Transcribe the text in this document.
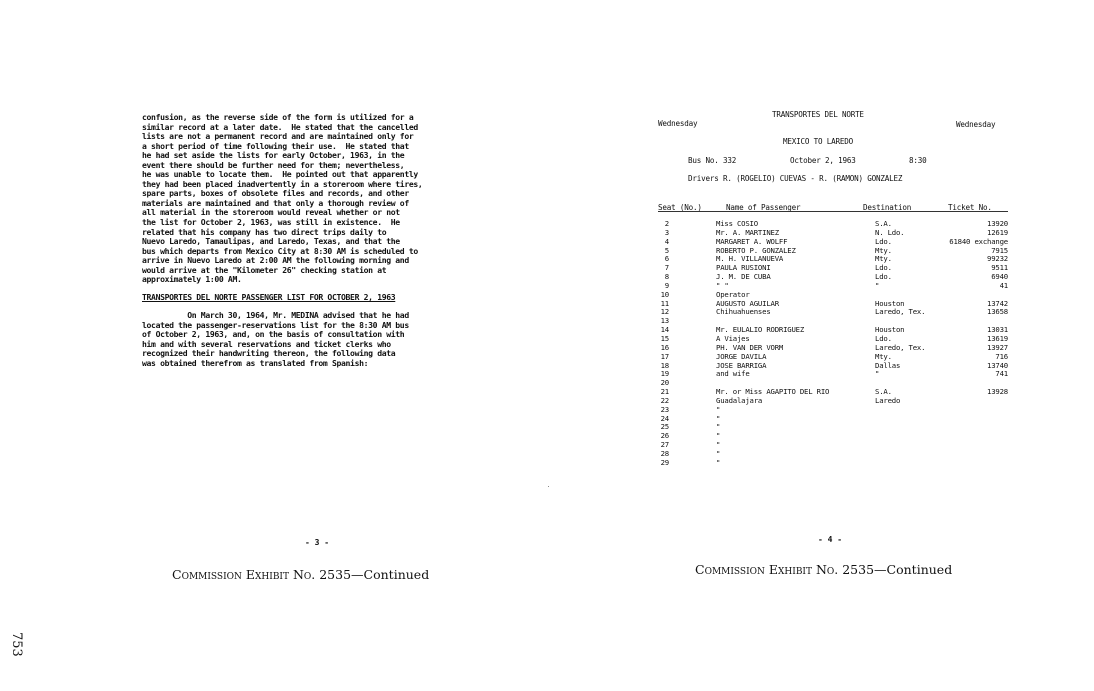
confusion, as the reverse side of the form is utilized for a
similar record at a later date.  He stated that the cancelled
lists are not a permanent record and are maintained only for
a short period of time following their use.  He stated that
he had set aside the lists for early October, 1963, in the
event there should be further need for them; nevertheless,
he was unable to locate them.  He pointed out that apparently
they had been placed inadvertently in a storeroom where tires,
spare parts, boxes of obsolete files and records, and other
materials are maintained and that only a thorough review of
all material in the storeroom would reveal whether or not
the list for October 2, 1963, was still in existence.  He
related that his company has two direct trips daily to
Nuevo Laredo, Tamaulipas, and Laredo, Texas, and that the
bus which departs from Mexico City at 8:30 AM is scheduled to
arrive in Nuevo Laredo at 2:00 AM the following morning and
would arrive at the "Kilometer 26" checking station at
approximately 1:00 AM.
TRANSPORTES DEL NORTE PASSENGER LIST FOR OCTOBER 2, 1963
On March 30, 1964, Mr. MEDINA advised that he had
located the passenger-reservations list for the 8:30 AM bus
of October 2, 1963, and, on the basis of consultation with
him and with several reservations and ticket clerks who
recognized their handwriting thereon, the following data
was obtained therefrom as translated from Spanish:
- 3 -
Commission Exhibit No. 2535—Continued
753
TRANSPORTES DEL NORTE
Wednesday	Wednesday
MEXICO TO LAREDO
Bus No. 332	October 2, 1963	8:30
Drivers R. (ROGELIO) CUEVAS - R. (RAMON) GONZALEZ
Seat (No.)	Name of Passenger	Destination	Ticket No.
2	Miss COSIO	S.A.	13920
3	Mr. A. MARTINEZ	N. Ldo.	12619
4	MARGARET A. WOLFF	Ldo.	61840 exchange
5	ROBERTO P. GONZALEZ	Mty.	7915
6	M. H. VILLANUEVA	Mty.	99232
7	PAULA RUSIONI	Ldo.	9511
8	J. M. DE CUBA	Ldo.	6940
9	" "	"	41
10	Operator
11	AUGUSTO AGUILAR	Houston	13742
12	Chihuahuenses	Laredo, Tex.	13658
13
14	Mr. EULALIO RODRIGUEZ	Houston	13031
15	A Viajes	Ldo.	13619
16	PH. VAN DER VORM	Laredo, Tex.	13927
17	JORGE DAVILA	Mty.	716
18	JOSE BARRIGA	Dallas	13740
19	and wife	"	741
20
21	Mr. or Miss AGAPITO DEL RIO	S.A.	13928
22	Guadalajara	Laredo
23	"
24	"
25	"
26	"
27	"
28	"
29	"
- 4 -
Commission Exhibit No. 2535—Continued
